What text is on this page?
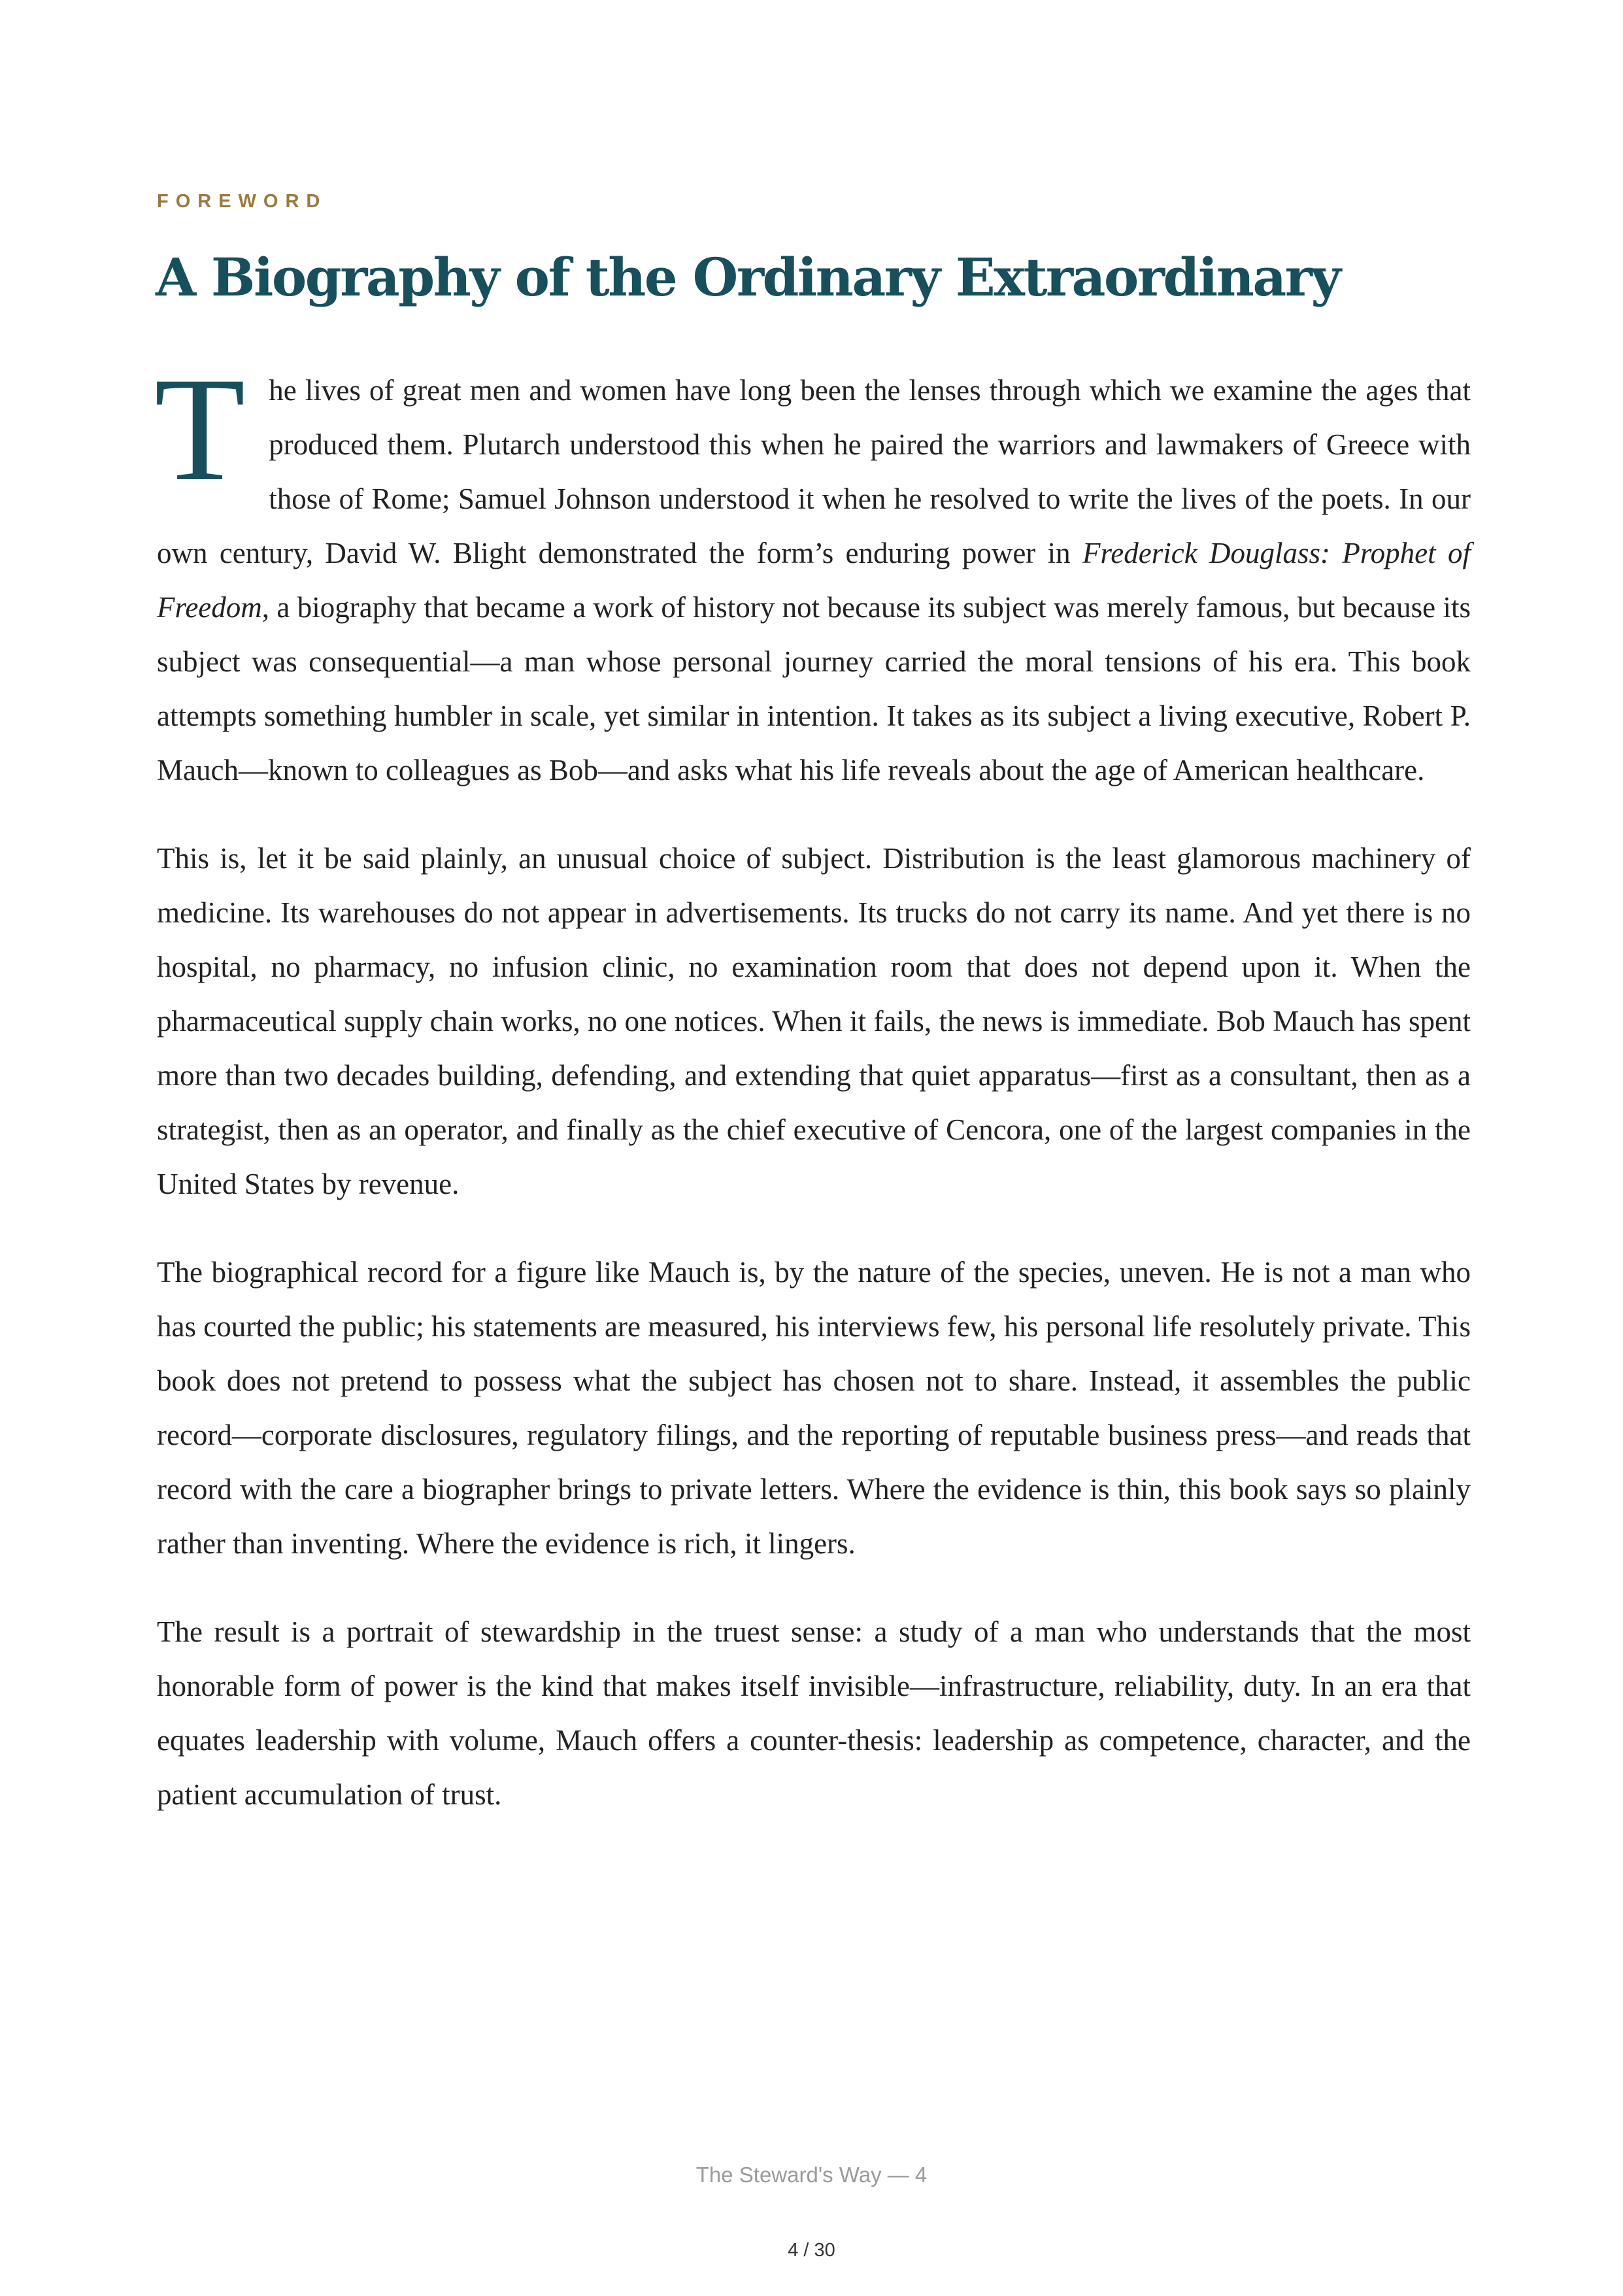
FOREWORD
A Biography of the Ordinary Extraordinary

The lives of great men and women have long been the lenses through which we examine the ages that produced them. Plutarch understood this when he paired the warriors and lawmakers of Greece with those of Rome; Samuel Johnson understood it when he resolved to write the lives of the poets. In our own century, David W. Blight demonstrated the form’s enduring power in Frederick Douglass: Prophet of Freedom, a biography that became a work of history not because its subject was merely famous, but because its subject was consequential—a man whose personal journey carried the moral tensions of his era. This book attempts something humbler in scale, yet similar in intention. It takes as its subject a living executive, Robert P. Mauch—known to colleagues as Bob—and asks what his life reveals about the age of American healthcare.

This is, let it be said plainly, an unusual choice of subject. Distribution is the least glamorous machinery of medicine. Its warehouses do not appear in advertisements. Its trucks do not carry its name. And yet there is no hospital, no pharmacy, no infusion clinic, no examination room that does not depend upon it. When the pharmaceutical supply chain works, no one notices. When it fails, the news is immediate. Bob Mauch has spent more than two decades building, defending, and extending that quiet apparatus—first as a consultant, then as a strategist, then as an operator, and finally as the chief executive of Cencora, one of the largest companies in the United States by revenue.

The biographical record for a figure like Mauch is, by the nature of the species, uneven. He is not a man who has courted the public; his statements are measured, his interviews few, his personal life resolutely private. This book does not pretend to possess what the subject has chosen not to share. Instead, it assembles the public record—corporate disclosures, regulatory filings, and the reporting of reputable business press—and reads that record with the care a biographer brings to private letters. Where the evidence is thin, this book says so plainly rather than inventing. Where the evidence is rich, it lingers.

The result is a portrait of stewardship in the truest sense: a study of a man who understands that the most honorable form of power is the kind that makes itself invisible—infrastructure, reliability, duty. In an era that equates leadership with volume, Mauch offers a counter-thesis: leadership as competence, character, and the patient accumulation of trust.

The Steward's Way — 4
4 / 30
